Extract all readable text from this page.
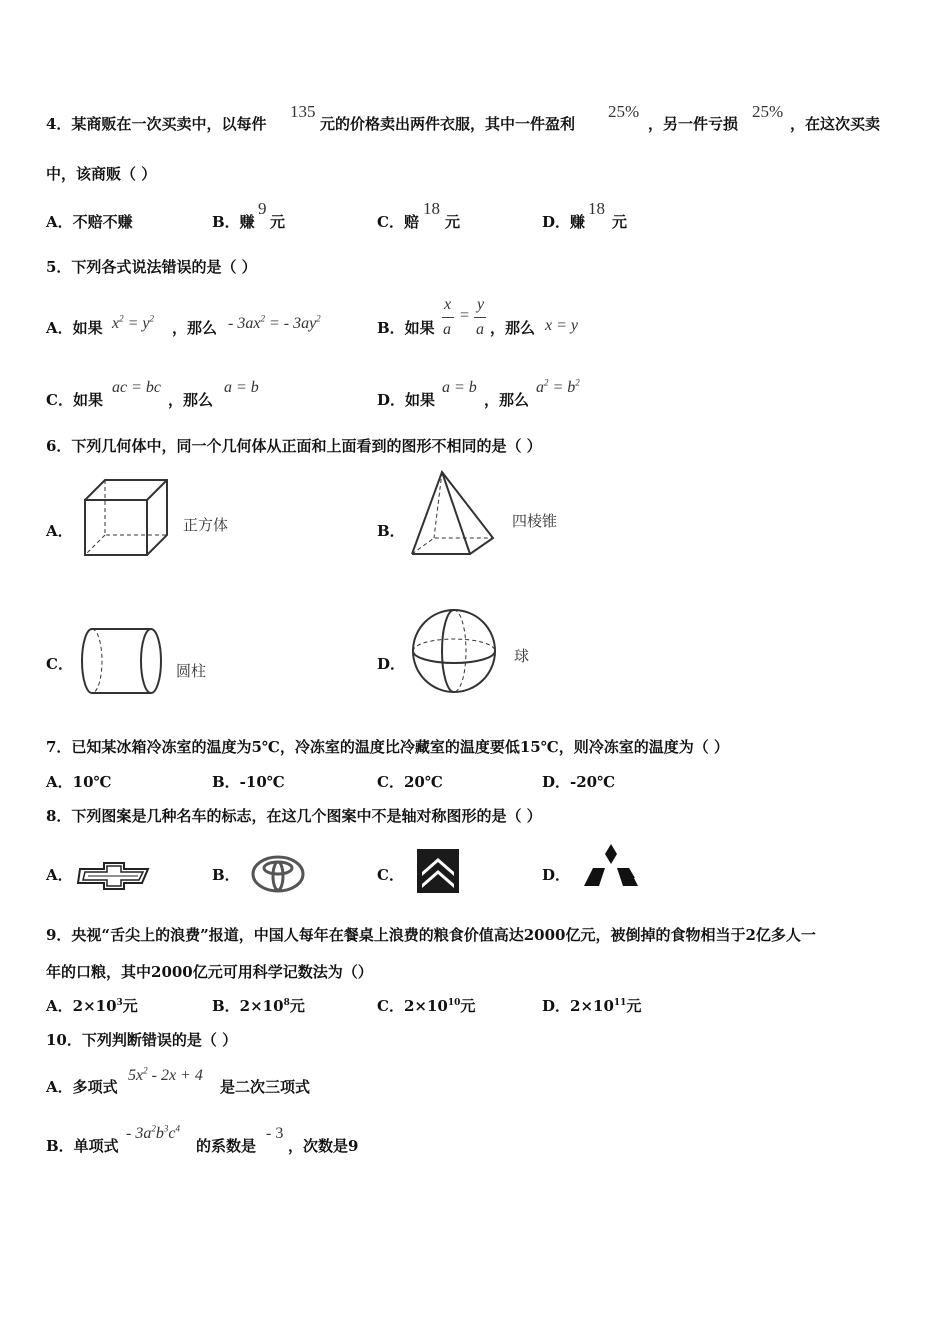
4．某商贩在一次买卖中，以每件
135
元的价格卖出两件衣服，其中一件盈利
25%
，另一件亏损
25%
，在这次买卖
中，该商贩（ ）
A．不赔不赚	B．赚
9
元	C．赔
18
元	D．赚
18
元
5．下列各式说法错误的是（ ）
A．如果 $x^2 = y^2$
，那么 - $3ax^2$ = - $3ay^2$
B．如果
x
a
=
y
a ，那么 x = y
C．如果
ac = bc
，那么
a = b
D．如果
a = b
，那么
$a^2 = b^2$
6．下列几何体中，同一个几何体从正面和上面看到的图形不相同的是（ ）
A．	正方体	B．
四棱锥
C．	圆柱	D．	球
7．已知某冰箱冷冻室的温度为5℃，冷冻室的温度比冷藏室的温度要低15℃，则冷冻室的温度为（ ）
A．10℃	B．-10℃	C．20℃	D．-20℃
8．下列图案是几种名车的标志，在这几个图案中不是轴对称图形的是（ ）
A．	B．	C．	D．
9．央视“舌尖上的浪费”报道，中国人每年在餐桌上浪费的粮食价值高达2000亿元，被倒掉的食物相当于2亿多人一
年的口粮，其中2000亿元可用科学记数法为（）
A．$2\times 10^3$元	B．$2\times 10^8$元	C．$2\times 10^{10}$元	D．$2\times 10^{11}$元
10．下列判断错误的是（ ）
A．多项式
$5x^2 - 2x + 4$
是二次三项式
B．单项式
- $3a^2b^3c^4$
的系数是
- 3
，次数是9
